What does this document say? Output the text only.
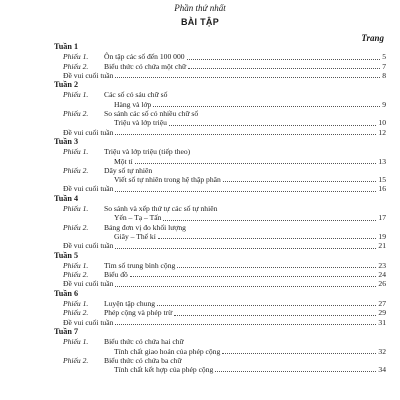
Phần thứ nhất
BÀI TẬP
Trang
Tuần 1
Phiếu 1. Ôn tập các số đến 100 000	5
Phiếu 2. Biểu thức có chứa một chữ	7
Đề vui cuối tuần	8
Tuần 2
Phiếu 1. Các số có sáu chữ số
Hàng và lớp	9
Phiếu 2. So sánh các số có nhiều chữ số
Triệu và lớp triệu	10
Đề vui cuối tuần	12
Tuần 3
Phiếu 1. Triệu và lớp triệu (tiếp theo)
Một tỉ	13
Phiếu 2. Dãy số tự nhiên
Viết số tự nhiên trong hệ thập phân	15
Đề vui cuối tuần	16
Tuần 4
Phiếu 1. So sánh và xếp thứ tự các số tự nhiên
Yến – Tạ – Tấn	17
Phiếu 2. Bảng đơn vị đo khối lượng
Giây – Thế kỉ	19
Đề vui cuối tuần	21
Tuần 5
Phiếu 1. Tìm số trung bình cộng	23
Phiếu 2. Biểu đồ	24
Đề vui cuối tuần	26
Tuần 6
Phiếu 1. Luyện tập chung	27
Phiếu 2. Phép cộng và phép trừ	29
Đề vui cuối tuần	31
Tuần 7
Phiếu 1. Biểu thức có chứa hai chữ
Tính chất giao hoán của phép cộng	32
Phiếu 2. Biểu thức có chứa ba chữ
Tính chất kết hợp của phép cộng	34
